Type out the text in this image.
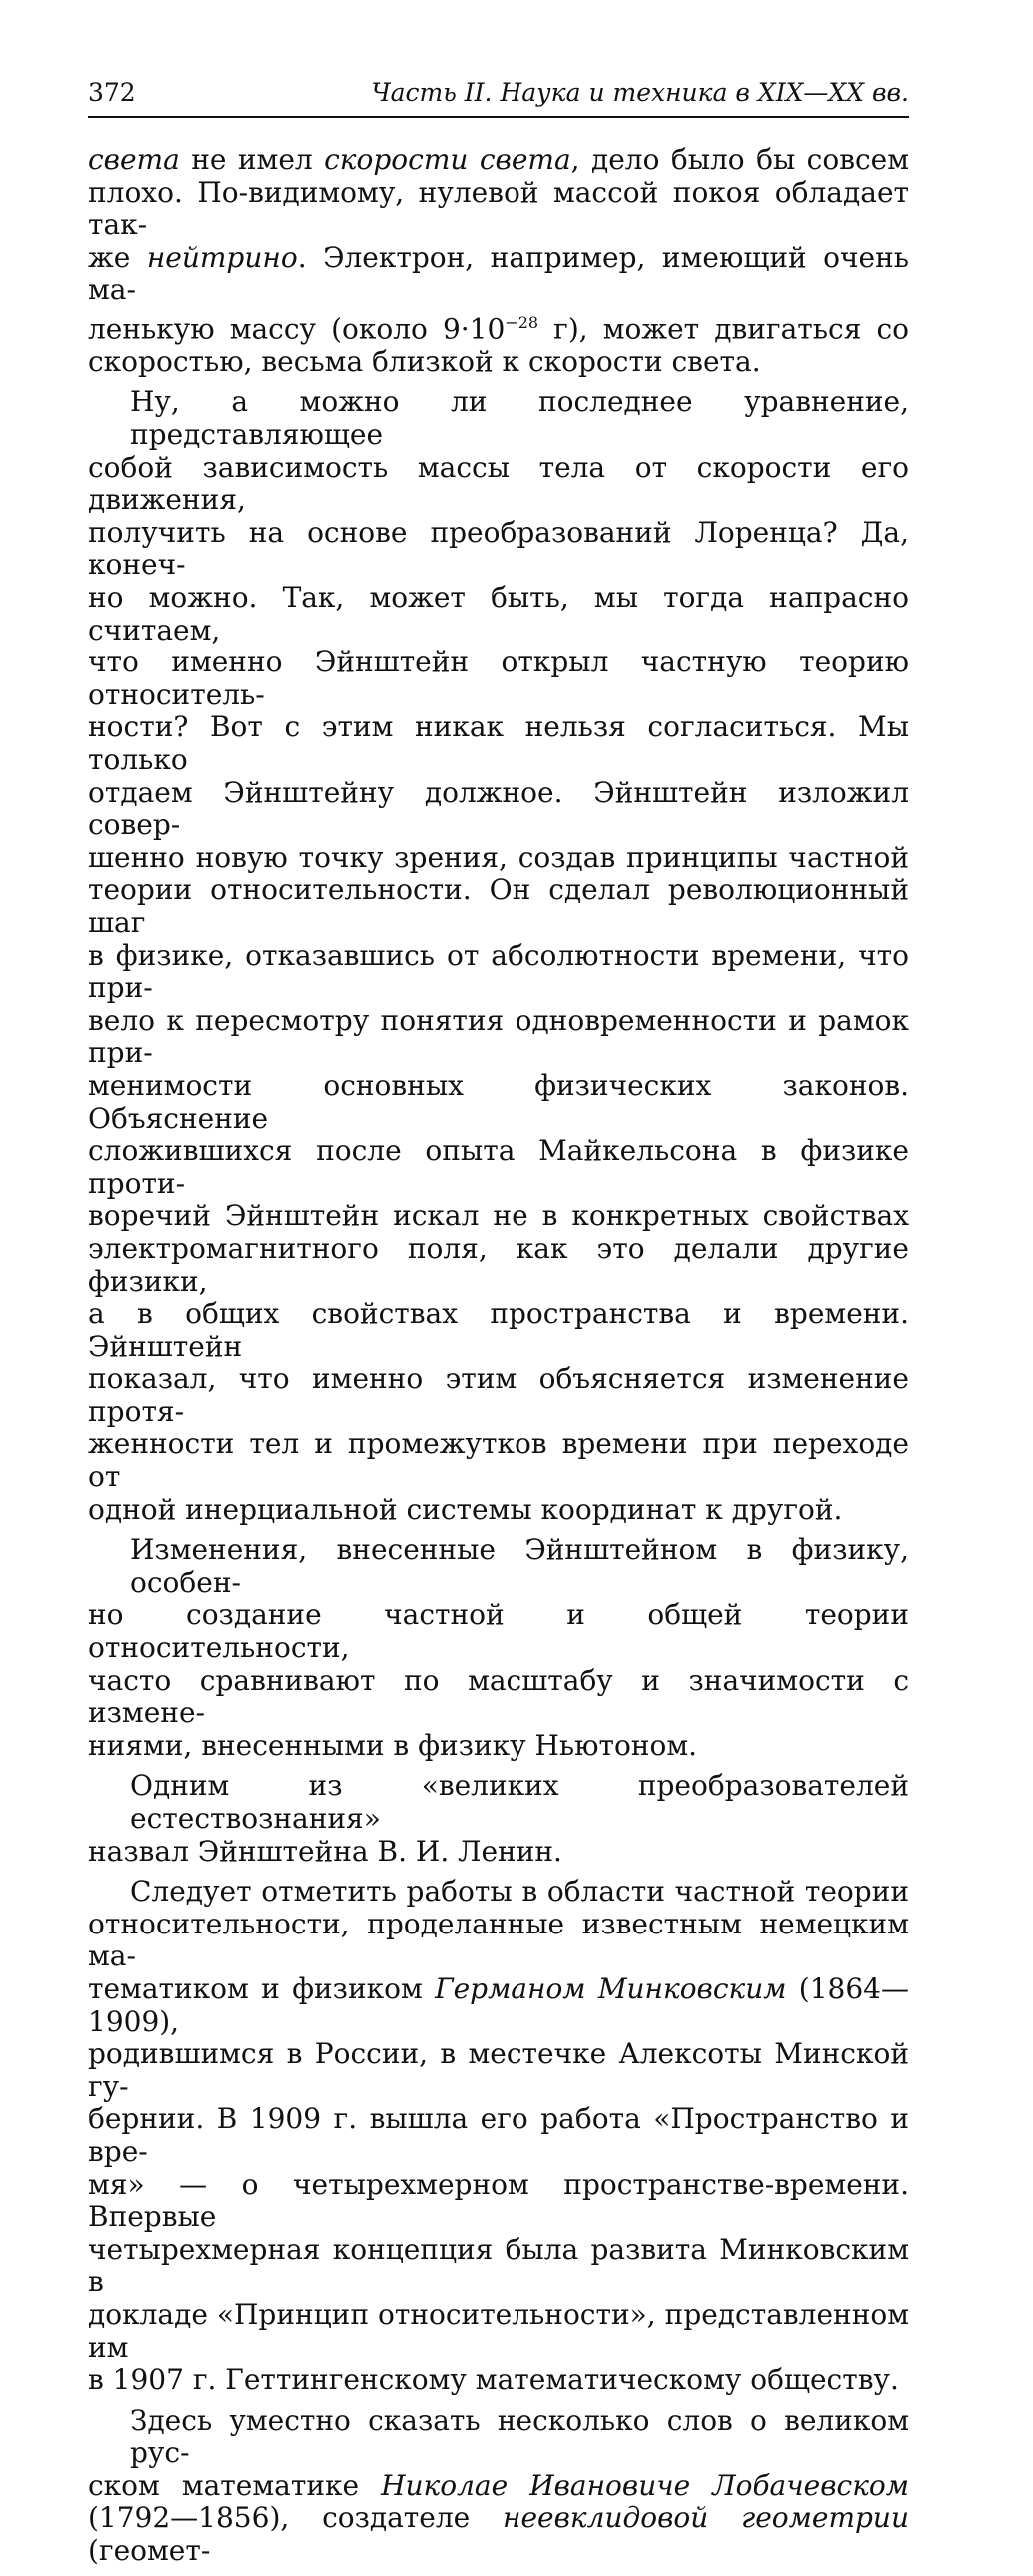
372	Часть II. Наука и техника в XIX—XX вв.

света не имел скорости света, дело было бы совсем
плохо. По-видимому, нулевой массой покоя обладает так-
же нейтрино. Электрон, например, имеющий очень ма-
ленькую массу (около $9\cdot 10^{-28}$ г), может двигаться со
скоростью, весьма близкой к скорости света.

Ну, а можно ли последнее уравнение, представляющее
собой зависимость массы тела от скорости его движения,
получить на основе преобразований Лоренца? Да, конеч-
но можно. Так, может быть, мы тогда напрасно считаем,
что именно Эйнштейн открыл частную теорию относитель-
ности? Вот с этим никак нельзя согласиться. Мы только
отдаем Эйнштейну должное. Эйнштейн изложил совер-
шенно новую точку зрения, создав принципы частной
теории относительности. Он сделал революционный шаг
в физике, отказавшись от абсолютности времени, что при-
вело к пересмотру понятия одновременности и рамок при-
менимости основных физических законов. Объяснение
сложившихся после опыта Майкельсона в физике проти-
воречий Эйнштейн искал не в конкретных свойствах
электромагнитного поля, как это делали другие физики,
а в общих свойствах пространства и времени. Эйнштейн
показал, что именно этим объясняется изменение протя-
женности тел и промежутков времени при переходе от
одной инерциальной системы координат к другой.

Изменения, внесенные Эйнштейном в физику, особен-
но создание частной и общей теории относительности,
часто сравнивают по масштабу и значимости с измене-
ниями, внесенными в физику Ньютоном.

Одним из «великих преобразователей естествознания»
назвал Эйнштейна В. И. Ленин.

Следует отметить работы в области частной теории
относительности, проделанные известным немецким ма-
тематиком и физиком Германом Минковским (1864—1909),
родившимся в России, в местечке Алексоты Минской гу-
бернии. В 1909 г. вышла его работа «Пространство и вре-
мя» — о четырехмерном пространстве-времени. Впервые
четырехмерная концепция была развита Минковским в
докладе «Принцип относительности», представленном им
в 1907 г. Геттингенскому математическому обществу.

Здесь уместно сказать несколько слов о великом рус-
ском математике Николае Ивановиче Лобачевском
(1792—1856), создателе неевклидовой геометрии (геомет-
